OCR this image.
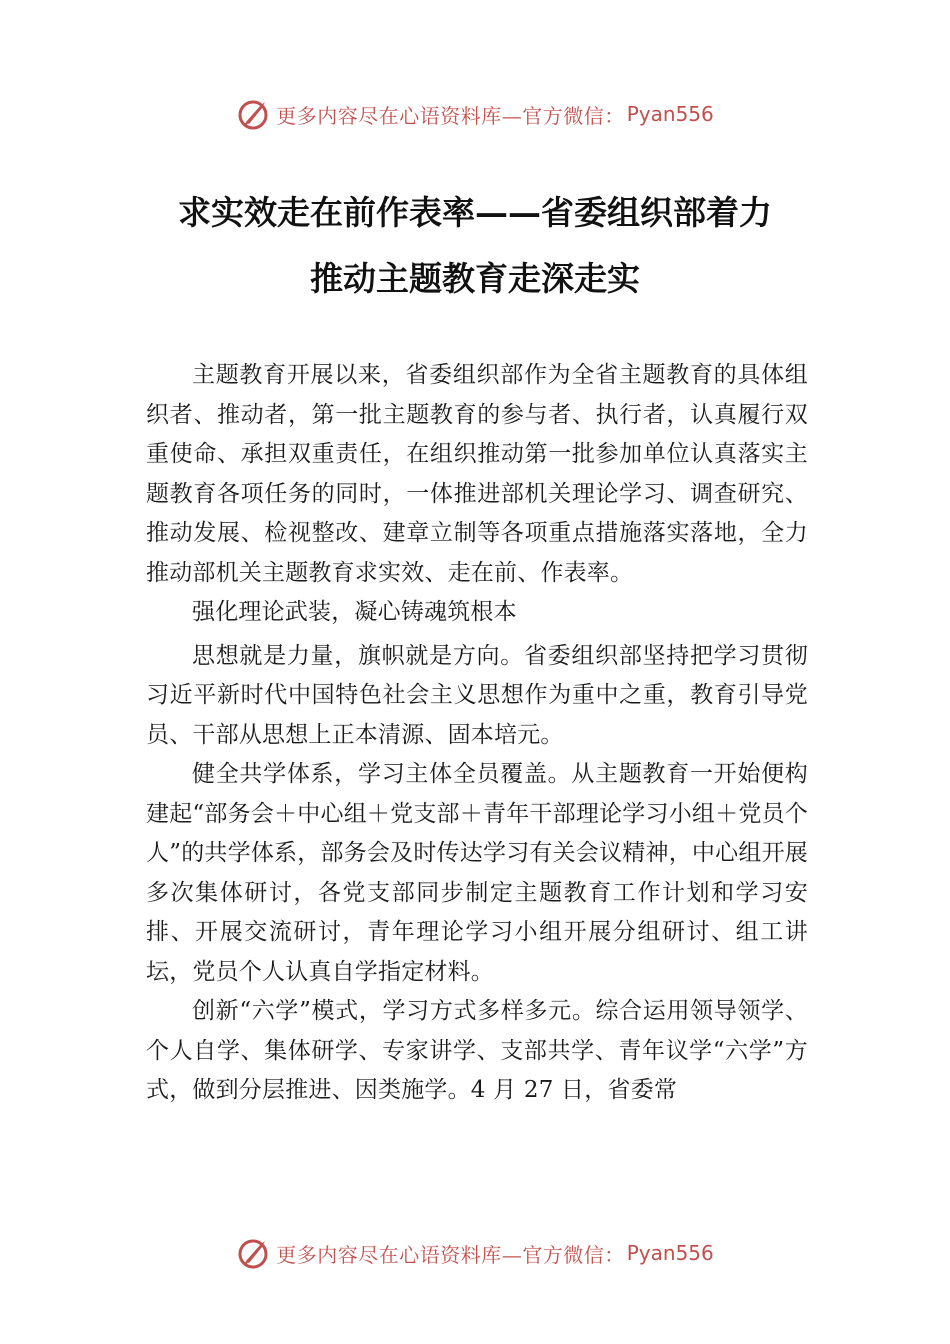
更多内容尽在心语资料库—官方微信： Pyan556
求实效走在前作表率——省委组织部着力
推动主题教育走深走实

主题教育开展以来，省委组织部作为全省主题教育的具体组织者、推动者，第一批主题教育的参与者、执行者，认真履行双重使命、承担双重责任，在组织推动第一批参加单位认真落实主题教育各项任务的同时，一体推进部机关理论学习、调查研究、推动发展、检视整改、建章立制等各项重点措施落实落地，全力推动部机关主题教育求实效、走在前、作表率。

强化理论武装，凝心铸魂筑根本

思想就是力量，旗帜就是方向。省委组织部坚持把学习贯彻习近平新时代中国特色社会主义思想作为重中之重，教育引导党员、干部从思想上正本清源、固本培元。

健全共学体系，学习主体全员覆盖。从主题教育一开始便构建起“部务会＋中心组＋党支部＋青年干部理论学习小组＋党员个人”的共学体系，部务会及时传达学习有关会议精神，中心组开展多次集体研讨，各党支部同步制定主题教育工作计划和学习安排、开展交流研讨，青年理论学习小组开展分组研讨、组工讲坛，党员个人认真自学指定材料。

创新“六学”模式，学习方式多样多元。综合运用领导领学、个人自学、集体研学、专家讲学、支部共学、青年议学“六学”方式，做到分层推进、因类施学。4 月 27 日，省委常

更多内容尽在心语资料库—官方微信： Pyan556
